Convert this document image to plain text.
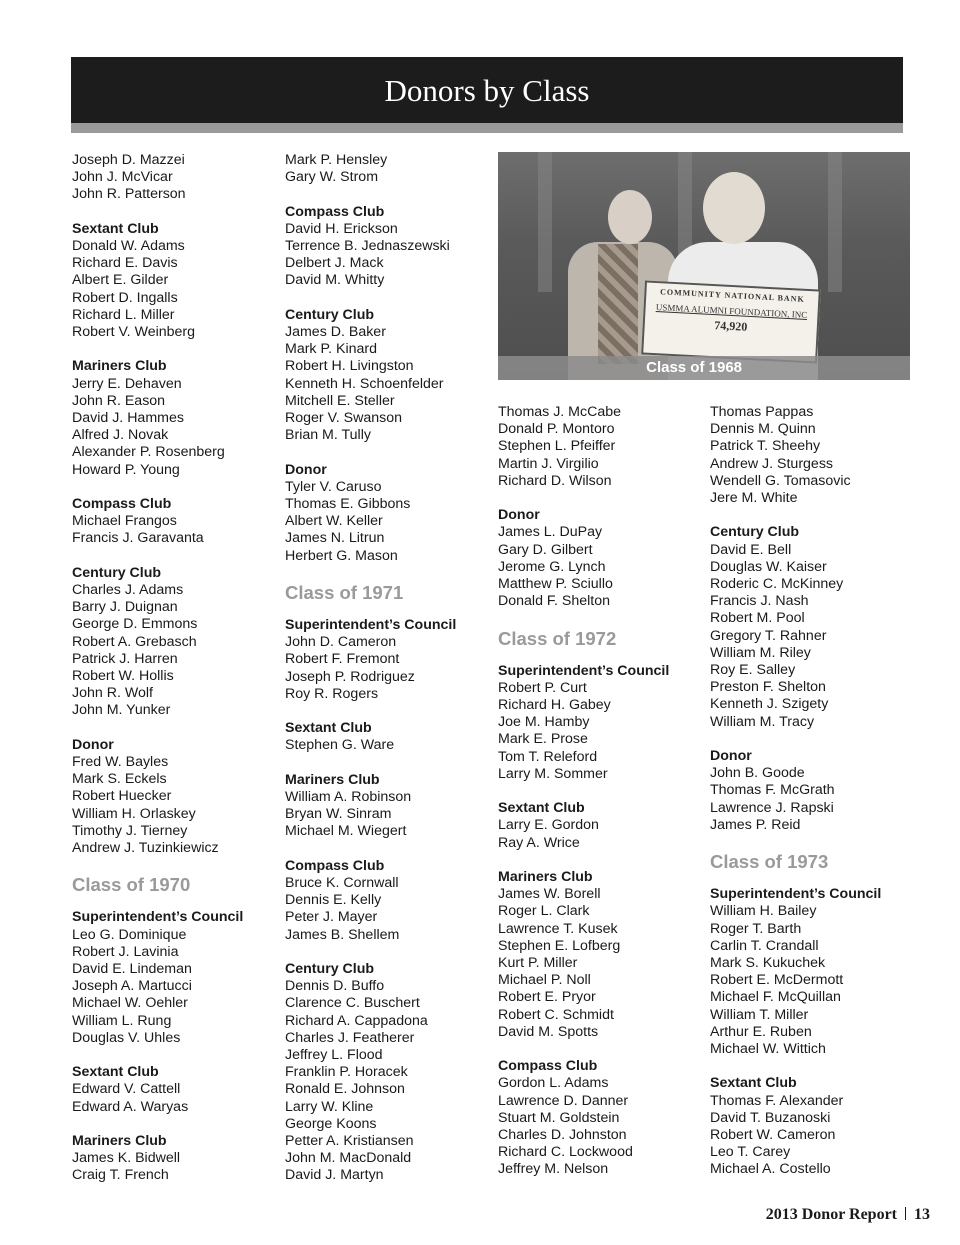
Donors by Class
Joseph D. Mazzei
John J. McVicar
John R. Patterson
Sextant Club
Donald W. Adams
Richard E. Davis
Albert E. Gilder
Robert D. Ingalls
Richard L. Miller
Robert V. Weinberg
Mariners Club
Jerry E. Dehaven
John R. Eason
David J. Hammes
Alfred J. Novak
Alexander P. Rosenberg
Howard P. Young
Compass Club
Michael Frangos
Francis J. Garavanta
Century Club
Charles J. Adams
Barry J. Duignan
George D. Emmons
Robert A. Grebasch
Patrick J. Harren
Robert W. Hollis
John R. Wolf
John M. Yunker
Donor
Fred W. Bayles
Mark S. Eckels
Robert Huecker
William H. Orlaskey
Timothy J. Tierney
Andrew J. Tuzinkiewicz
Class of 1970
Superintendent’s Council
Leo G. Dominique
Robert J. Lavinia
David E. Lindeman
Joseph A. Martucci
Michael W. Oehler
William L. Rung
Douglas V. Uhles
Sextant Club
Edward V. Cattell
Edward A. Waryas
Mariners Club
James K. Bidwell
Craig T. French
Mark P. Hensley
Gary W. Strom
Compass Club
David H. Erickson
Terrence B. Jednaszewski
Delbert J. Mack
David M. Whitty
Century Club
James D. Baker
Mark P. Kinard
Robert H. Livingston
Kenneth H. Schoenfelder
Mitchell E. Steller
Roger V. Swanson
Brian M. Tully
Donor
Tyler V. Caruso
Thomas E. Gibbons
Albert W. Keller
James N. Litrun
Herbert G. Mason
Class of 1971
Superintendent’s Council
John D. Cameron
Robert F. Fremont
Joseph P. Rodriguez
Roy R. Rogers
Sextant Club
Stephen G. Ware
Mariners Club
William A. Robinson
Bryan W. Sinram
Michael M. Wiegert
Compass Club
Bruce K. Cornwall
Dennis E. Kelly
Peter J. Mayer
James B. Shellem
Century Club
Dennis D. Buffo
Clarence C. Buschert
Richard A. Cappadona
Charles J. Featherer
Jeffrey L. Flood
Franklin P. Horacek
Ronald E. Johnson
Larry W. Kline
George Koons
Petter A. Kristiansen
John M. MacDonald
David J. Martyn
COMMUNITY NATIONAL BANK
USMMA ALUMNI FOUNDATION, INC
74,920
Class of 1968
Thomas J. McCabe
Donald P. Montoro
Stephen L. Pfeiffer
Martin J. Virgilio
Richard D. Wilson
Donor
James L. DuPay
Gary D. Gilbert
Jerome G. Lynch
Matthew P. Sciullo
Donald F. Shelton
Class of 1972
Superintendent’s Council
Robert P. Curt
Richard H. Gabey
Joe M. Hamby
Mark E. Prose
Tom T. Releford
Larry M. Sommer
Sextant Club
Larry E. Gordon
Ray A. Wrice
Mariners Club
James W. Borell
Roger L. Clark
Lawrence T. Kusek
Stephen E. Lofberg
Kurt P. Miller
Michael P. Noll
Robert E. Pryor
Robert C. Schmidt
David M. Spotts
Compass Club
Gordon L. Adams
Lawrence D. Danner
Stuart M. Goldstein
Charles D. Johnston
Richard C. Lockwood
Jeffrey M. Nelson
Thomas Pappas
Dennis M. Quinn
Patrick T. Sheehy
Andrew J. Sturgess
Wendell G. Tomasovic
Jere M. White
Century Club
David E. Bell
Douglas W. Kaiser
Roderic C. McKinney
Francis J. Nash
Robert M. Pool
Gregory T. Rahner
William M. Riley
Roy E. Salley
Preston F. Shelton
Kenneth J. Szigety
William M. Tracy
Donor
John B. Goode
Thomas F. McGrath
Lawrence J. Rapski
James P. Reid
Class of 1973
Superintendent’s Council
William H. Bailey
Roger T. Barth
Carlin T. Crandall
Mark S. Kukuchek
Robert E. McDermott
Michael F. McQuillan
William T. Miller
Arthur E. Ruben
Michael W. Wittich
Sextant Club
Thomas F. Alexander
David T. Buzanoski
Robert W. Cameron
Leo T. Carey
Michael A. Costello
2013 Donor Report 13
